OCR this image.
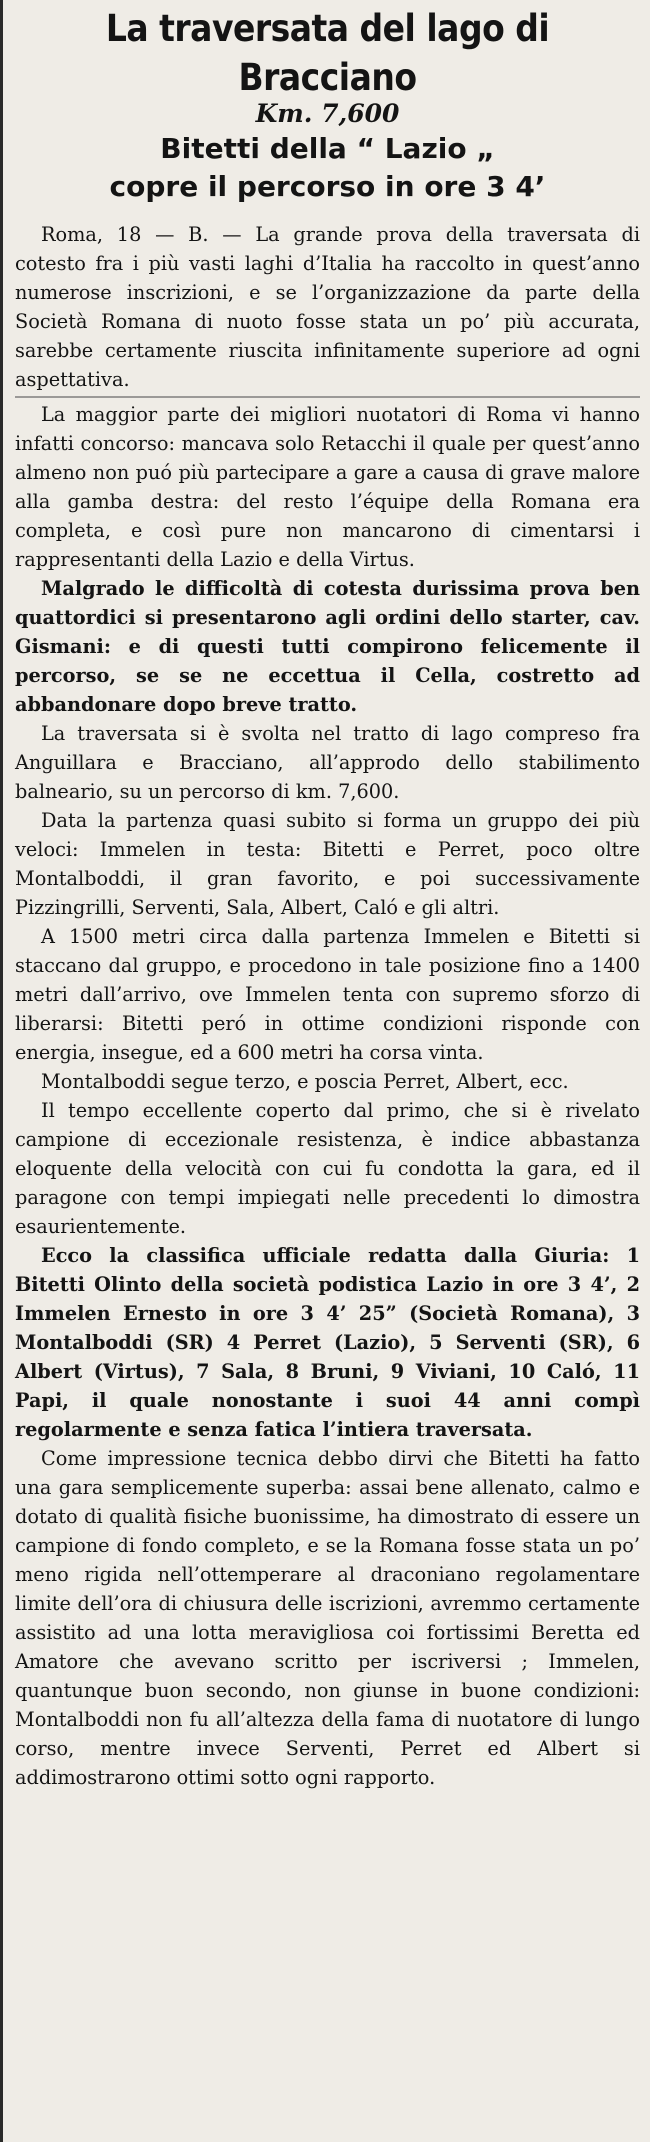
La traversata del lago di Bracciano
Km. 7,600
Bitetti della “ Lazio „
copre il percorso in ore 3 4’

Roma, 18 — B. — La grande prova della traversata di cotesto fra i più vasti laghi d’Italia ha raccolto in quest’anno numerose inscrizioni, e se l’organizzazione da parte della Società Romana di nuoto fosse stata un po’ più accurata, sarebbe certamente riuscita infinitamente superiore ad ogni aspettativa.

La maggior parte dei migliori nuotatori di Roma vi hanno infatti concorso: mancava solo Retacchi il quale per quest’anno almeno non puó più partecipare a gare a causa di grave malore alla gamba destra: del resto l’équipe della Romana era completa, e così pure non mancarono di cimentarsi i rappresentanti della Lazio e della Virtus.

Malgrado le difficoltà di cotesta durissima prova ben quattordici si presentarono agli ordini dello starter, cav. Gismani: e di questi tutti compirono felicemente il percorso, se se ne eccettua il Cella, costretto ad abbandonare dopo breve tratto.

La traversata si è svolta nel tratto di lago compreso fra Anguillara e Bracciano, all’approdo dello stabilimento balneario, su un percorso di km. 7,600.

Data la partenza quasi subito si forma un gruppo dei più veloci: Immelen in testa: Bitetti e Perret, poco oltre Montalboddi, il gran favorito, e poi successivamente Pizzingrilli, Serventi, Sala, Albert, Caló e gli altri.

A 1500 metri circa dalla partenza Immelen e Bitetti si staccano dal gruppo, e procedono in tale posizione fino a 1400 metri dall’arrivo, ove Immelen tenta con supremo sforzo di liberarsi: Bitetti peró in ottime condizioni risponde con energia, insegue, ed a 600 metri ha corsa vinta.

Montalboddi segue terzo, e poscia Perret, Albert, ecc.

Il tempo eccellente coperto dal primo, che si è rivelato campione di eccezionale resistenza, è indice abbastanza eloquente della velocità con cui fu condotta la gara, ed il paragone con tempi impiegati nelle precedenti lo dimostra esaurientemente.

Ecco la classifica ufficiale redatta dalla Giuria: 1 Bitetti Olinto della società podistica Lazio in ore 3 4’, 2 Immelen Ernesto in ore 3 4’ 25” (Società Romana), 3 Montalboddi (SR) 4 Perret (Lazio), 5 Serventi (SR), 6 Albert (Virtus), 7 Sala, 8 Bruni, 9 Viviani, 10 Caló, 11 Papi, il quale nonostante i suoi 44 anni compì regolarmente e senza fatica l’intiera traversata.

Come impressione tecnica debbo dirvi che Bitetti ha fatto una gara semplicemente superba: assai bene allenato, calmo e dotato di qualità fisiche buonissime, ha dimostrato di essere un campione di fondo completo, e se la Romana fosse stata un po’ meno rigida nell’ottemperare al draconiano regolamentare limite dell’ora di chiusura delle iscrizioni, avremmo certamente assistito ad una lotta meravigliosa coi fortissimi Beretta ed Amatore che avevano scritto per iscriversi ; Immelen, quantunque buon secondo, non giunse in buone condizioni: Montalboddi non fu all’altezza della fama di nuotatore di lungo corso, mentre invece Serventi, Perret ed Albert si addimostrarono ottimi sotto ogni rapporto.
